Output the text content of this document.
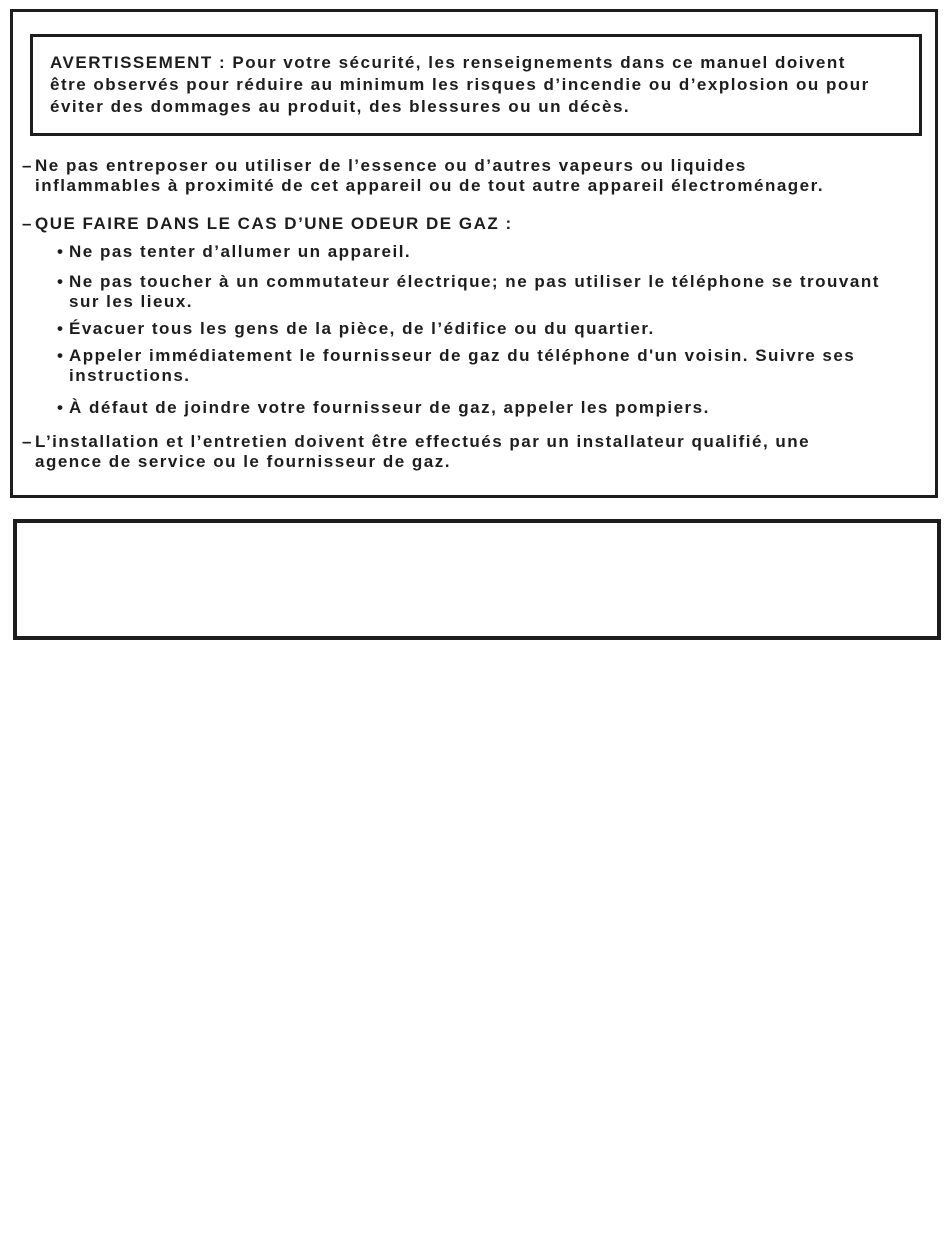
AVERTISSEMENT : Pour votre sécurité, les renseignements dans ce manuel doivent
être observés pour réduire au minimum les risques d’incendie ou d’explosion ou pour
éviter des dommages au produit, des blessures ou un décès.
– Ne pas entreposer ou utiliser de l’essence ou d’autres vapeurs ou liquides
inflammables à proximité de cet appareil ou de tout autre appareil électroménager.
– QUE FAIRE DANS LE CAS D’UNE ODEUR DE GAZ :
• Ne pas tenter d’allumer un appareil.
• Ne pas toucher à un commutateur électrique; ne pas utiliser le téléphone se trouvant
sur les lieux.
• Évacuer tous les gens de la pièce, de l’édifice ou du quartier.
• Appeler immédiatement le fournisseur de gaz du téléphone d'un voisin. Suivre ses
instructions.
• À défaut de joindre votre fournisseur de gaz, appeler les pompiers.
– L’installation et l’entretien doivent être effectués par un installateur qualifié, une
agence de service ou le fournisseur de gaz.
